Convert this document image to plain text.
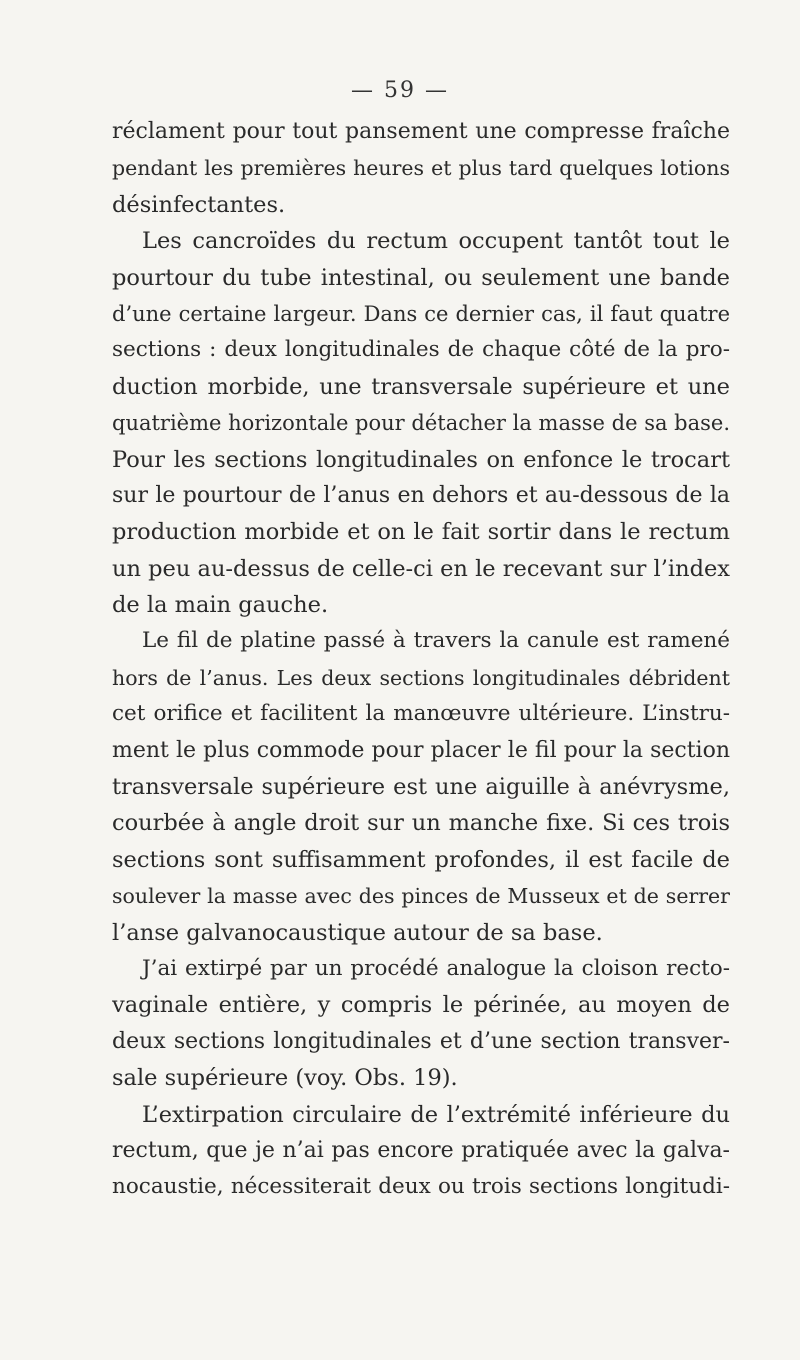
— 59 —
réclament pour tout pansement une compresse fraîche
pendant les premières heures et plus tard quelques lotions
désinfectantes.
Les cancroïdes du rectum occupent tantôt tout le
pourtour du tube intestinal, ou seulement une bande
d’une certaine largeur. Dans ce dernier cas, il faut quatre
sections : deux longitudinales de chaque côté de la pro-
duction morbide, une transversale supérieure et une
quatrième horizontale pour détacher la masse de sa base.
Pour les sections longitudinales on enfonce le trocart
sur le pourtour de l’anus en dehors et au-dessous de la
production morbide et on le fait sortir dans le rectum
un peu au-dessus de celle-ci en le recevant sur l’index
de la main gauche.
Le fil de platine passé à travers la canule est ramené
hors de l’anus. Les deux sections longitudinales débrident
cet orifice et facilitent la manœuvre ultérieure. L’instru-
ment le plus commode pour placer le fil pour la section
transversale supérieure est une aiguille à anévrysme,
courbée à angle droit sur un manche fixe. Si ces trois
sections sont suffisamment profondes, il est facile de
soulever la masse avec des pinces de Musseux et de serrer
l’anse galvanocaustique autour de sa base.
J’ai extirpé par un procédé analogue la cloison recto-
vaginale entière, y compris le périnée, au moyen de
deux sections longitudinales et d’une section transver-
sale supérieure (voy. Obs. 19).
L’extirpation circulaire de l’extrémité inférieure du
rectum, que je n’ai pas encore pratiquée avec la galva-
nocaustie, nécessiterait deux ou trois sections longitudi-
